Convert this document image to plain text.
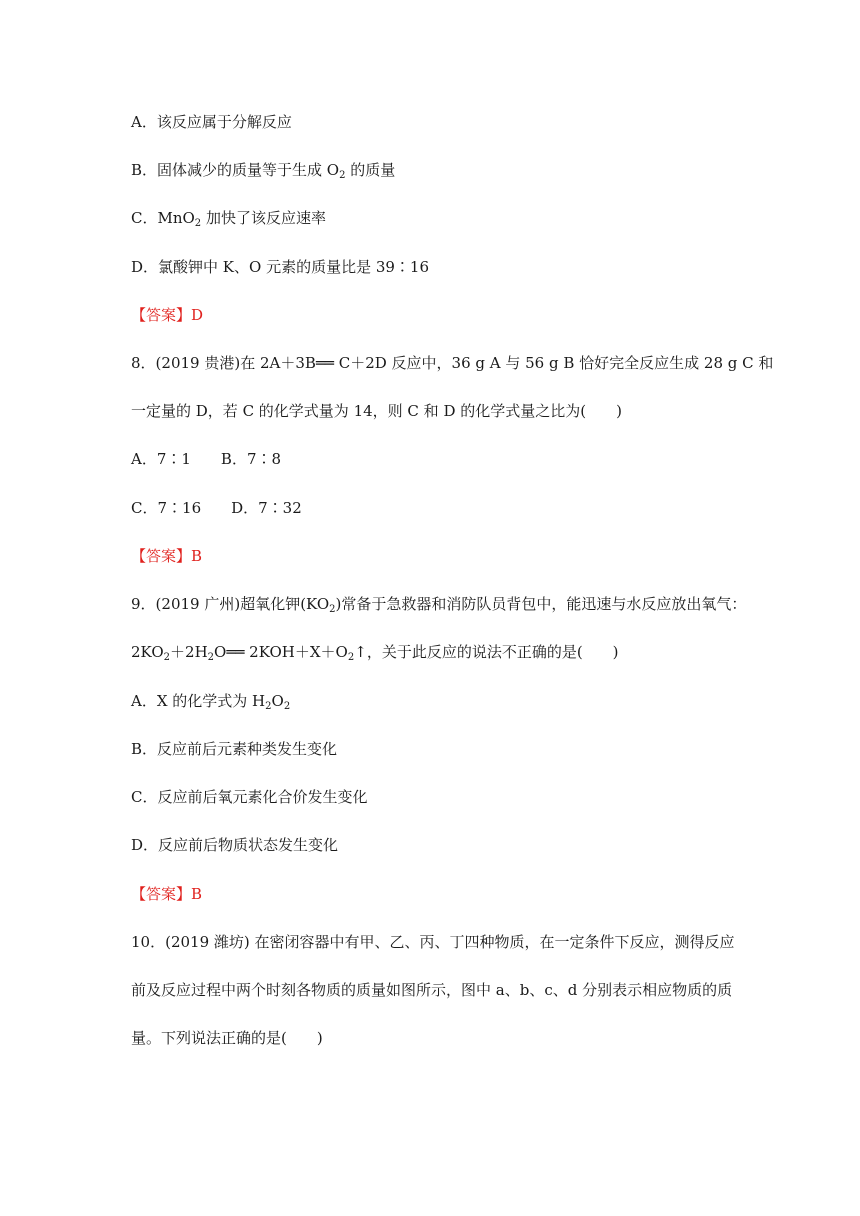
A．该反应属于分解反应
B．固体减少的质量等于生成 $O_2$ 的质量
C．MnO$_2$ 加快了该反应速率
D．氯酸钾中 K、O 元素的质量比是 39∶16
【答案】D
8．(2019 贵港)在 2A＋3B══ C＋2D 反应中，36 g A 与 56 g B 恰好完全反应生成 28 g C 和
一定量的 D，若 C 的化学式量为 14，则 C 和 D 的化学式量之比为(　　)
A．7∶1　　B．7∶8
C．7∶16　　D．7∶32
【答案】B
9．(2019 广州)超氧化钾$(KO_2)$常备于急救器和消防队员背包中，能迅速与水反应放出氧气：
$2KO_2+2H_2O══$ $2KOH+X+O_2↑$，关于此反应的说法不正确的是(　　)
A．X 的化学式为 $H_2O_2$
B．反应前后元素种类发生变化
C．反应前后氧元素化合价发生变化
D．反应前后物质状态发生变化
【答案】B
10．(2019 潍坊) 在密闭容器中有甲、乙、丙、丁四种物质，在一定条件下反应，测得反应
前及反应过程中两个时刻各物质的质量如图所示，图中 a、b、c、d 分别表示相应物质的质
量。下列说法正确的是(　　)
